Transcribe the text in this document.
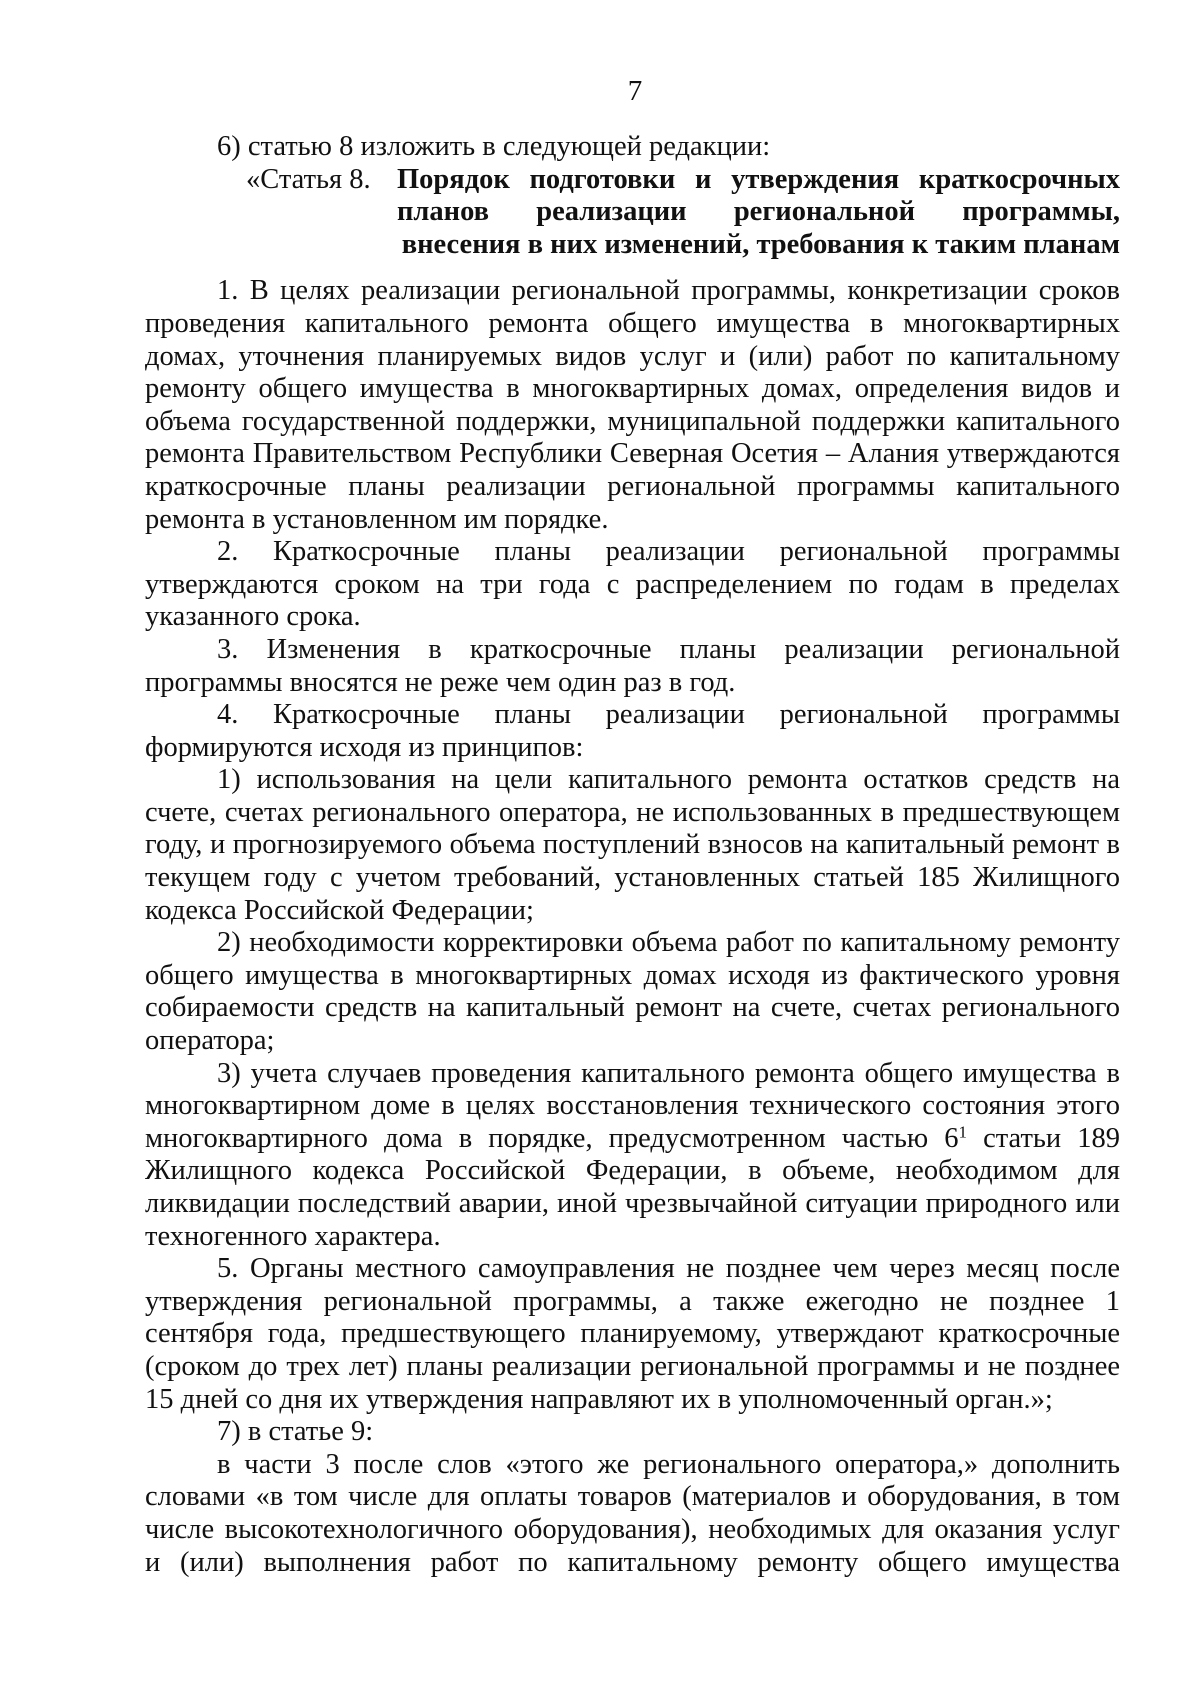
7

6) статью 8 изложить в следующей редакции:

«Статья 8. Порядок подготовки и утверждения краткосрочных планов реализации региональной программы,
внесения в них изменений, требования к таким планам

1. В целях реализации региональной программы, конкретизации сроков проведения капитального ремонта общего имущества в многоквартирных домах, уточнения планируемых видов услуг и (или) работ по капитальному ремонту общего имущества в многоквартирных домах, определения видов и объема государственной поддержки, муниципальной поддержки капитального ремонта Правительством Республики Северная Осетия – Алания утверждаются краткосрочные планы реализации региональной программы капитального ремонта в установленном им порядке.

2. Краткосрочные планы реализации региональной программы утверждаются сроком на три года с распределением по годам в пределах указанного срока.

3. Изменения в краткосрочные планы реализации региональной программы вносятся не реже чем один раз в год.

4. Краткосрочные планы реализации региональной программы формируются исходя из принципов:

1) использования на цели капитального ремонта остатков средств на счете, счетах регионального оператора, не использованных в предшествующем году, и прогнозируемого объема поступлений взносов на капитальный ремонт в текущем году с учетом требований, установленных статьей 185 Жилищного кодекса Российской Федерации;

2) необходимости корректировки объема работ по капитальному ремонту общего имущества в многоквартирных домах исходя из фактического уровня собираемости средств на капитальный ремонт на счете, счетах регионального оператора;

3) учета случаев проведения капитального ремонта общего имущества в многоквартирном доме в целях восстановления технического состояния этого многоквартирного дома в порядке, предусмотренном частью $6^1$ статьи 189 Жилищного кодекса Российской Федерации, в объеме, необходимом для ликвидации последствий аварии, иной чрезвычайной ситуации природного или техногенного характера.

5. Органы местного самоуправления не позднее чем через месяц после утверждения региональной программы, а также ежегодно не позднее 1 сентября года, предшествующего планируемому, утверждают краткосрочные (сроком до трех лет) планы реализации региональной программы и не позднее 15 дней со дня их утверждения направляют их в уполномоченный орган.»;

7) в статье 9:

в части 3 после слов «этого же регионального оператора,» дополнить словами «в том числе для оплаты товаров (материалов и оборудования, в том числе высокотехнологичного оборудования), необходимых для оказания услуг и (или) выполнения работ по капитальному ремонту общего имущества
